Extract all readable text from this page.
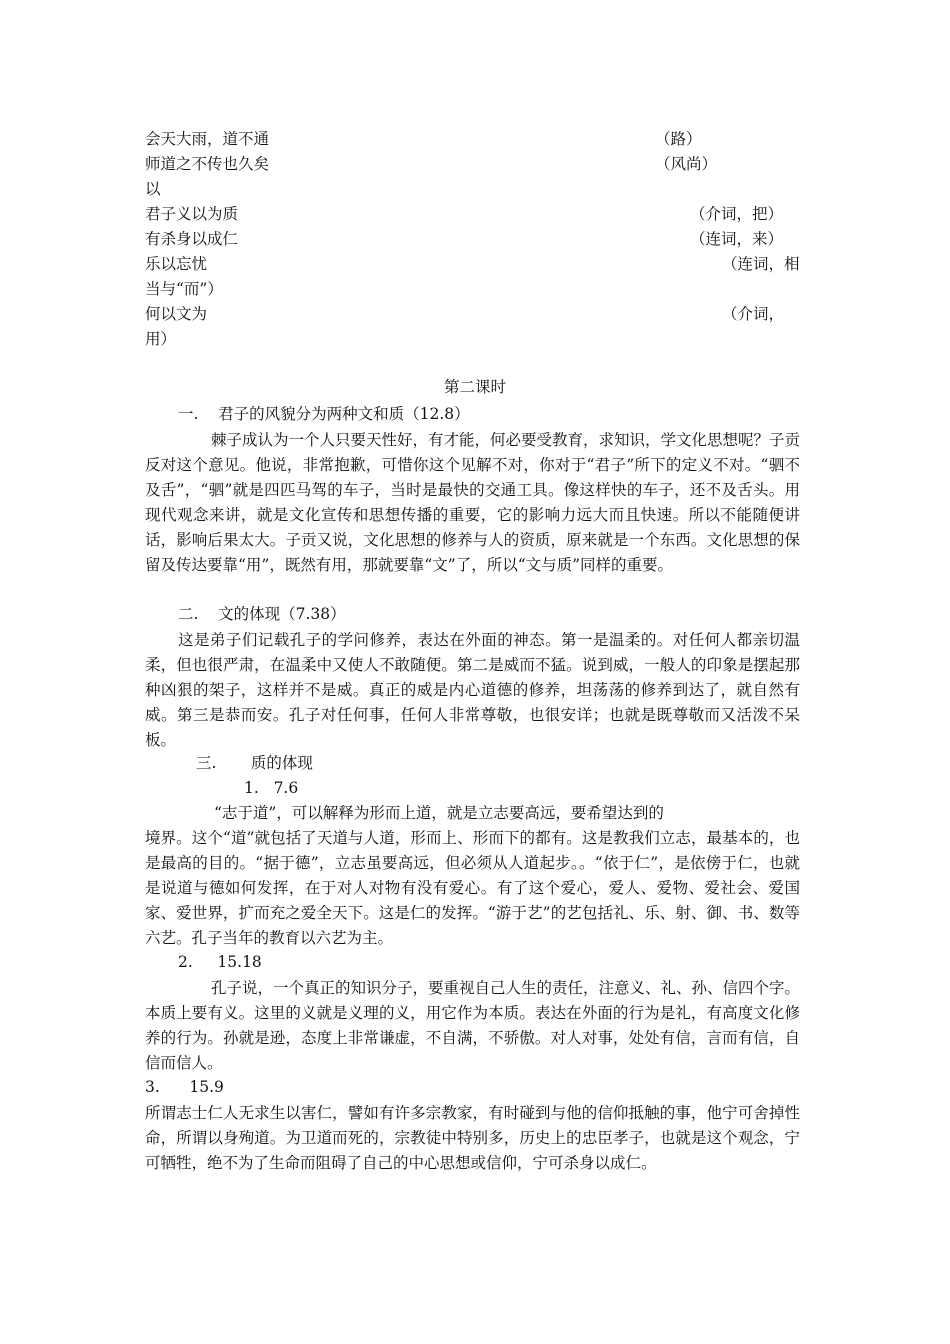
会天大雨，道不通	（路）
师道之不传也久矣	（风尚）
以
君子义以为质	（介词，把）
有杀身以成仁	（连词，来）
乐以忘忧	（连词，相
当与“而”）
何以文为	（介词，
用）
第二课时
一.    君子的风貌分为两种文和质（12.8）

棘子成认为一个人只要天性好，有才能，何必要受教育，求知识，学文化思想呢？子贡反对这个意见。他说，非常抱歉，可惜你这个见解不对，你对于“君子”所下的定义不对。“驷不及舌”，“驷”就是四匹马驾的车子，当时是最快的交通工具。像这样快的车子，还不及舌头。用现代观念来讲，就是文化宣传和思想传播的重要，它的影响力远大而且快速。所以不能随便讲话，影响后果太大。子贡又说，文化思想的修养与人的资质，原来就是一个东西。文化思想的保留及传达要靠“用”，既然有用，那就要靠“文”了，所以“文与质”同样的重要。

二.    文的体现（7.38）

这是弟子们记载孔子的学问修养，表达在外面的神态。第一是温柔的。对任何人都亲切温柔，但也很严肃，在温柔中又使人不敢随便。第二是威而不猛。说到威，一般人的印象是摆起那种凶狠的架子，这样并不是威。真正的威是内心道德的修养，坦荡荡的修养到达了，就自然有威。第三是恭而安。孔子对任何事，任何人非常尊敬，也很安详；也就是既尊敬而又活泼不呆板。

三.       质的体现
1.   7.6
“志于道”，可以解释为形而上道，就是立志要高远，要希望达到的

境界。这个“道”就包括了天道与人道，形而上、形而下的都有。这是教我们立志，最基本的，也是最高的目的。“据于德”，立志虽要高远，但必须从人道起步。。“依于仁”，是依傍于仁，也就是说道与德如何发挥，在于对人对物有没有爱心。有了这个爱心，爱人、爱物、爱社会、爱国家、爱世界，扩而充之爱全天下。这是仁的发挥。“游于艺”的艺包括礼、乐、射、御、书、数等六艺。孔子当年的教育以六艺为主。

2.     15.18

孔子说，一个真正的知识分子，要重视自己人生的责任，注意义、礼、孙、信四个字。本质上要有义。这里的义就是义理的义，用它作为本质。表达在外面的行为是礼，有高度文化修养的行为。孙就是逊，态度上非常谦虚，不自满，不骄傲。对人对事，处处有信，言而有信，自信而信人。

3.      15.9

所谓志士仁人无求生以害仁，譬如有许多宗教家，有时碰到与他的信仰抵触的事，他宁可舍掉性命，所谓以身殉道。为卫道而死的，宗教徒中特别多，历史上的忠臣孝子，也就是这个观念，宁可牺牲，绝不为了生命而阻碍了自己的中心思想或信仰，宁可杀身以成仁。
